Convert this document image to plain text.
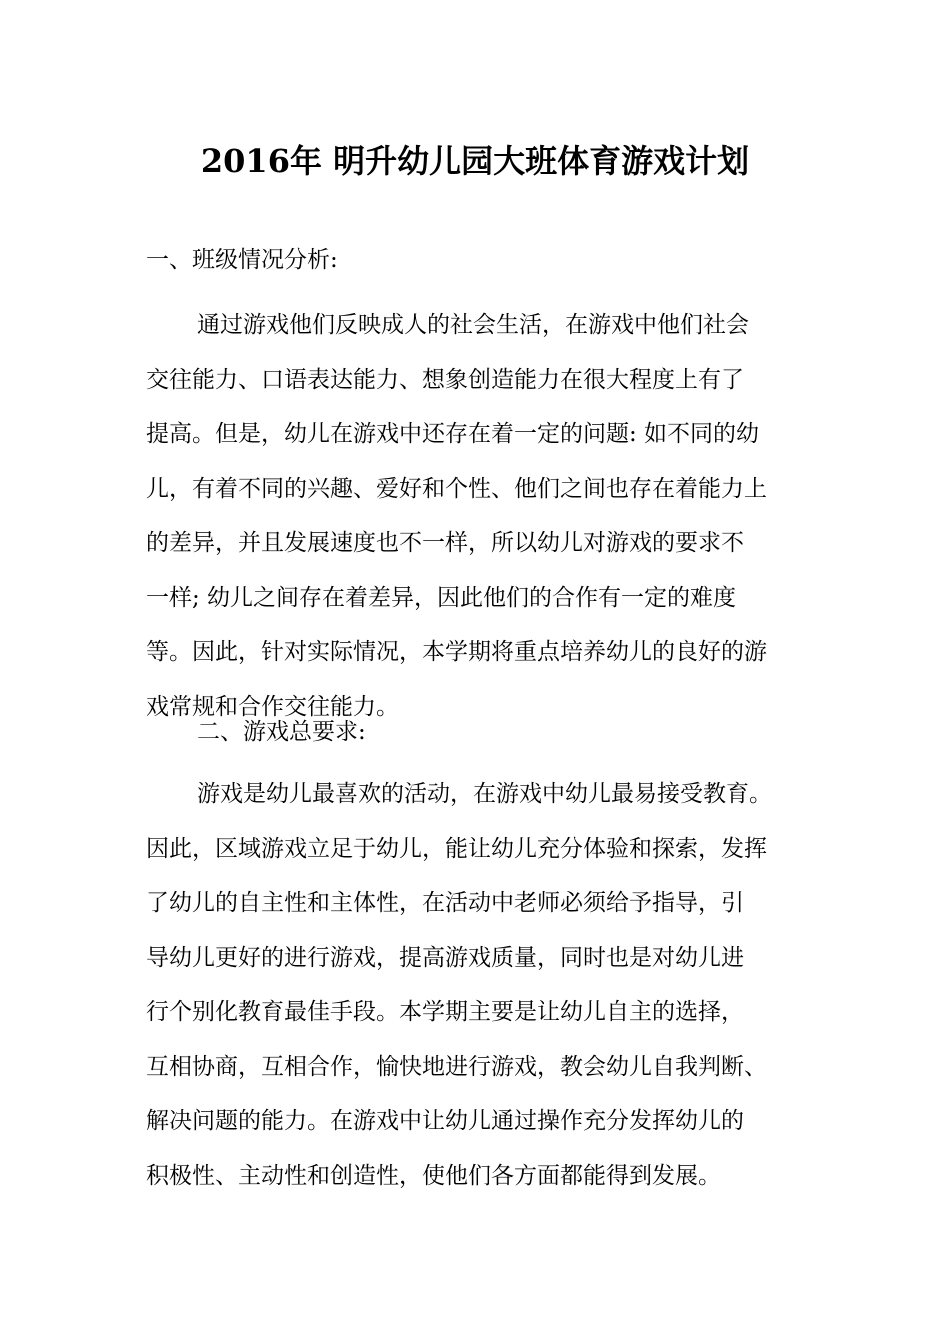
2016年 明升幼儿园大班体育游戏计划
一、班级情况分析:
通过游戏他们反映成人的社会生活，在游戏中他们社会
交往能力、口语表达能力、想象创造能力在很大程度上有了
提高。但是，幼儿在游戏中还存在着一定的问题: 如不同的幼
儿，有着不同的兴趣、爱好和个性、他们之间也存在着能力上
的差异，并且发展速度也不一样，所以幼儿对游戏的要求不
一样; 幼儿之间存在着差异，因此他们的合作有一定的难度
等。因此，针对实际情况，本学期将重点培养幼儿的良好的游
戏常规和合作交往能力。
二、游戏总要求:
游戏是幼儿最喜欢的活动，在游戏中幼儿最易接受教育。
因此，区域游戏立足于幼儿，能让幼儿充分体验和探索，发挥
了幼儿的自主性和主体性，在活动中老师必须给予指导，引
导幼儿更好的进行游戏，提高游戏质量，同时也是对幼儿进
行个别化教育最佳手段。本学期主要是让幼儿自主的选择，
互相协商，互相合作，愉快地进行游戏，教会幼儿自我判断、
解决问题的能力。在游戏中让幼儿通过操作充分发挥幼儿的
积极性、主动性和创造性，使他们各方面都能得到发展。
